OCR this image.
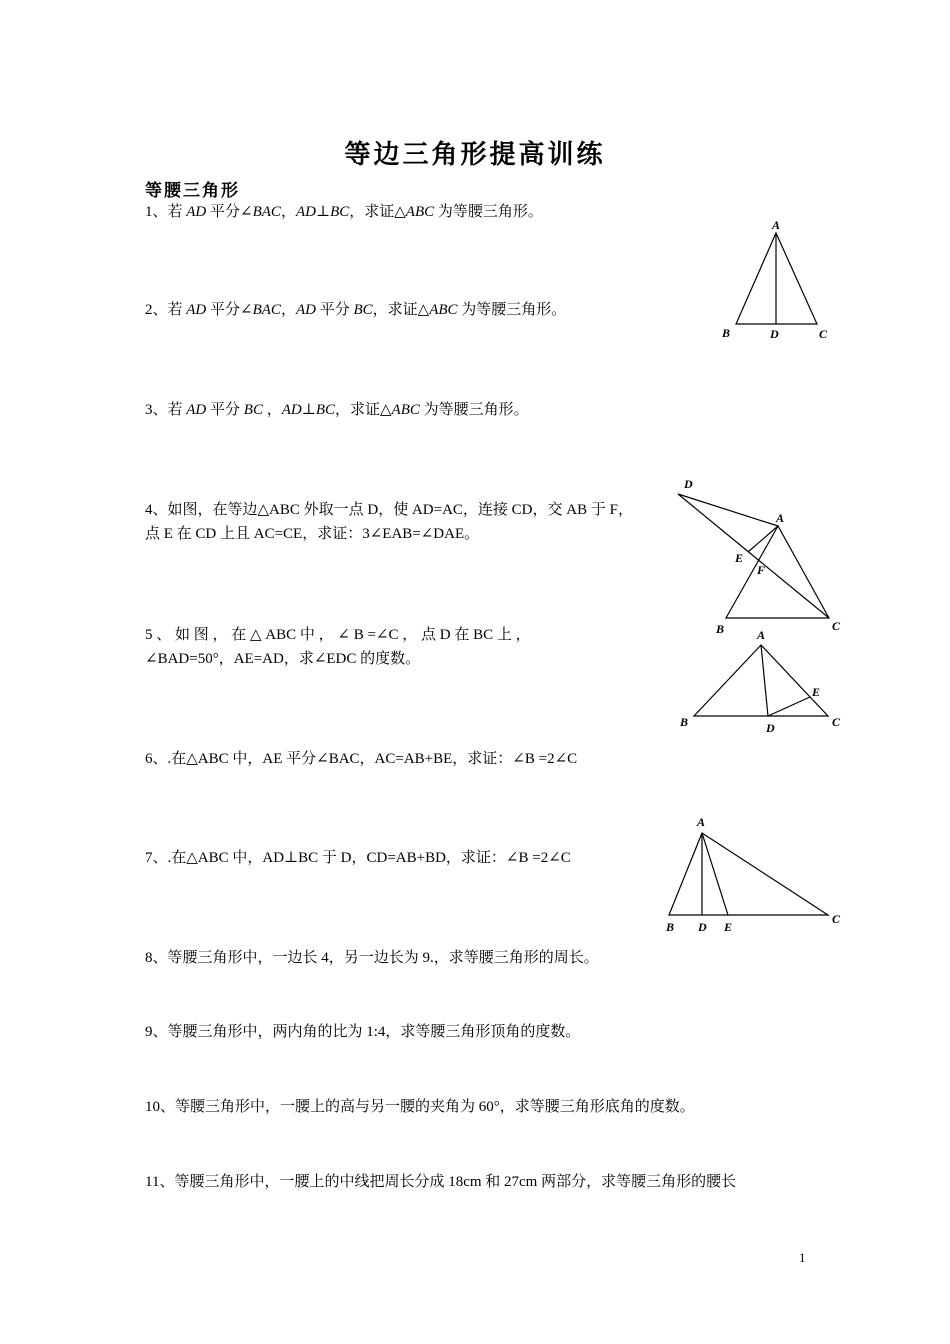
等边三角形提高训练
等腰三角形
1、若 AD 平分∠BAC，AD⊥BC，求证△ABC 为等腰三角形。
2、若 AD 平分∠BAC，AD 平分 BC，求证△ABC 为等腰三角形。
3、若 AD 平分 BC ，AD⊥BC，求证△ABC 为等腰三角形。
4、如图，在等边△ABC 外取一点 D，使 AD=AC，连接 CD，交 AB 于 F，
点 E 在 CD 上且 AC=CE，求证：3∠EAB=∠DAE。
5 、 如 图 ， 在 △ ABC 中 ， ∠ B =∠C ， 点 D 在 BC 上 ，
∠BAD=50°，AE=AD，求∠EDC 的度数。
6、.在△ABC 中，AE 平分∠BAC，AC=AB+BE，求证：∠B =2∠C
7、.在△ABC 中，AD⊥BC 于 D，CD=AB+BD，求证：∠B =2∠C
8、等腰三角形中，一边长 4，另一边长为 9.，求等腰三角形的周长。
9、等腰三角形中，两内角的比为 1:4，求等腰三角形顶角的度数。
10、等腰三角形中，一腰上的高与另一腰的夹角为 60°，求等腰三角形底角的度数。
11、等腰三角形中，一腰上的中线把周长分成 18cm 和 27cm 两部分，求等腰三角形的腰长
1
A
B	D	C
D
A
E
F
B	C
A
E
B	C
D
A
C
B D E
